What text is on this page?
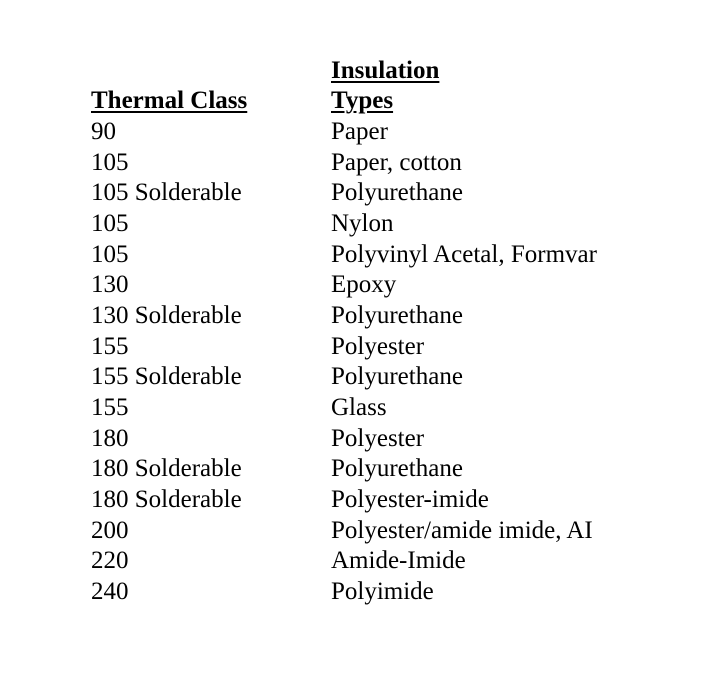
Insulation
Thermal Class	Types
90	Paper
105	Paper, cotton
105 Solderable	Polyurethane
105	Nylon
105	Polyvinyl Acetal, Formvar
130	Epoxy
130 Solderable	Polyurethane
155	Polyester
155 Solderable	Polyurethane
155	Glass
180	Polyester
180 Solderable	Polyurethane
180 Solderable	Polyester-imide
200	Polyester/amide imide, AI
220	Amide-Imide
240	Polyimide
